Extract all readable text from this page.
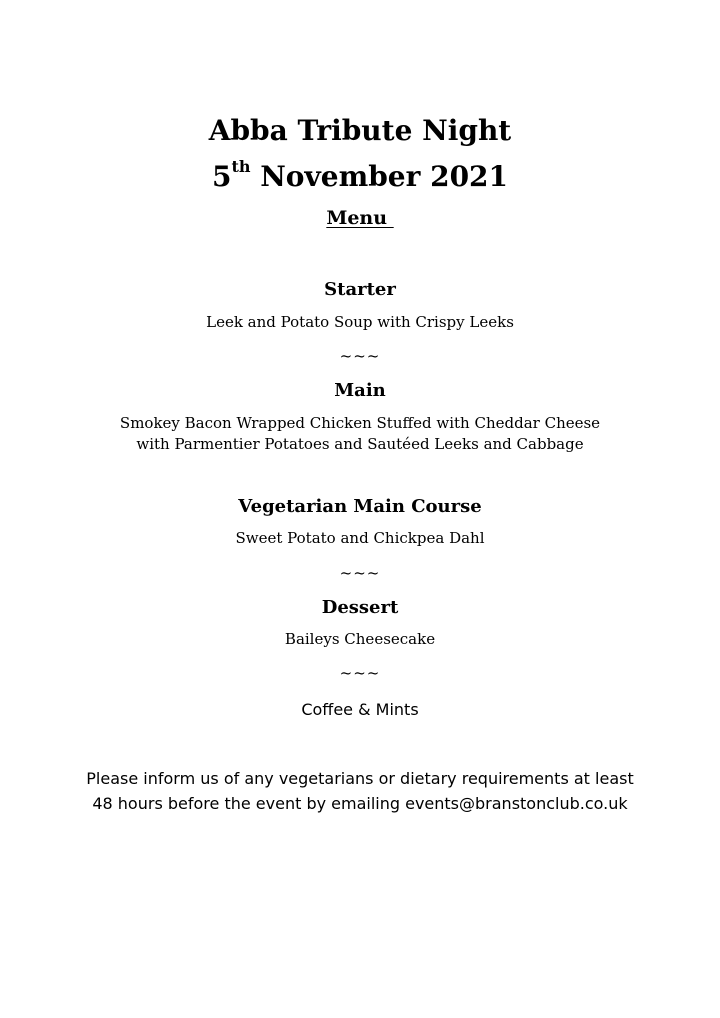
Abba Tribute Night
5th November 2021
Menu
Starter
Leek and Potato Soup with Crispy Leeks
~~~
Main
Smokey Bacon Wrapped Chicken Stuffed with Cheddar Cheese
with Parmentier Potatoes and Sautéed Leeks and Cabbage
Vegetarian Main Course
Sweet Potato and Chickpea Dahl
~~~
Dessert
Baileys Cheesecake
~~~
Coffee & Mints
Please inform us of any vegetarians or dietary requirements at least
48 hours before the event by emailing events@branstonclub.co.uk
